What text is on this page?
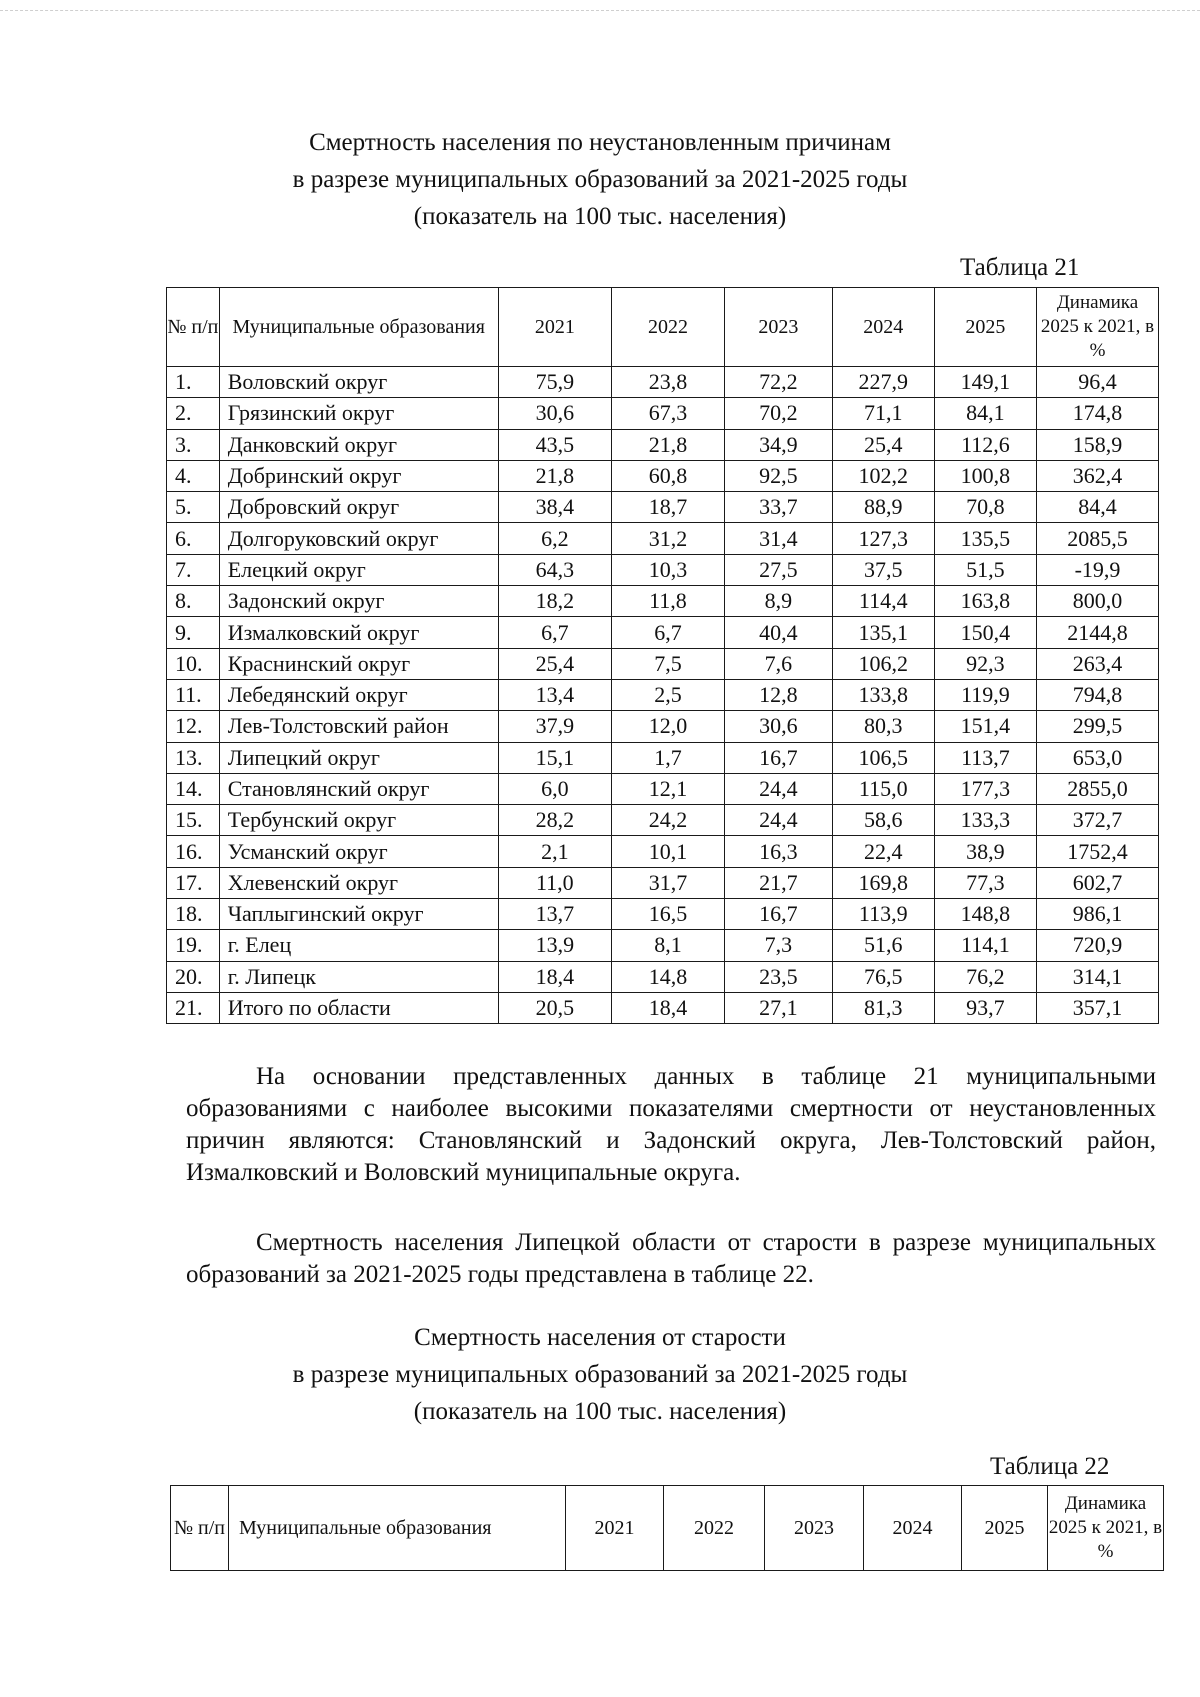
Смертность населения по неустановленным причинам
в разрезе муниципальных образований за 2021-2025 годы
(показатель на 100 тыс. населения)
Таблица 21
№ п/п	Муниципальные образования	2021	2022	2023	2024	2025	Динамика 2025 к 2021, в %
1.	Воловский округ	75,9	23,8	72,2	227,9	149,1	96,4
2.	Грязинский округ	30,6	67,3	70,2	71,1	84,1	174,8
3.	Данковский округ	43,5	21,8	34,9	25,4	112,6	158,9
4.	Добринский округ	21,8	60,8	92,5	102,2	100,8	362,4
5.	Добровский округ	38,4	18,7	33,7	88,9	70,8	84,4
6.	Долгоруковский округ	6,2	31,2	31,4	127,3	135,5	2085,5
7.	Елецкий округ	64,3	10,3	27,5	37,5	51,5	-19,9
8.	Задонский округ	18,2	11,8	8,9	114,4	163,8	800,0
9.	Измалковский округ	6,7	6,7	40,4	135,1	150,4	2144,8
10.	Краснинский округ	25,4	7,5	7,6	106,2	92,3	263,4
11.	Лебедянский округ	13,4	2,5	12,8	133,8	119,9	794,8
12.	Лев-Толстовский район	37,9	12,0	30,6	80,3	151,4	299,5
13.	Липецкий округ	15,1	1,7	16,7	106,5	113,7	653,0
14.	Становлянский округ	6,0	12,1	24,4	115,0	177,3	2855,0
15.	Тербунский округ	28,2	24,2	24,4	58,6	133,3	372,7
16.	Усманский округ	2,1	10,1	16,3	22,4	38,9	1752,4
17.	Хлевенский округ	11,0	31,7	21,7	169,8	77,3	602,7
18.	Чаплыгинский округ	13,7	16,5	16,7	113,9	148,8	986,1
19.	г. Елец	13,9	8,1	7,3	51,6	114,1	720,9
20.	г. Липецк	18,4	14,8	23,5	76,5	76,2	314,1
21.	Итого по области	20,5	18,4	27,1	81,3	93,7	357,1

На основании представленных данных в таблице 21 муниципальными образованиями с наиболее высокими показателями смертности от неустановленных причин являются: Становлянский и Задонский округа, Лев-Толстовский район, Измалковский и Воловский муниципальные округа.

Смертность населения Липецкой области от старости в разрезе муниципальных образований за 2021-2025 годы представлена в таблице 22.

Смертность населения от старости
в разрезе муниципальных образований за 2021-2025 годы
(показатель на 100 тыс. населения)
Таблица 22
№ п/п	Муниципальные образования	2021	2022	2023	2024	2025	Динамика 2025 к 2021, в %
